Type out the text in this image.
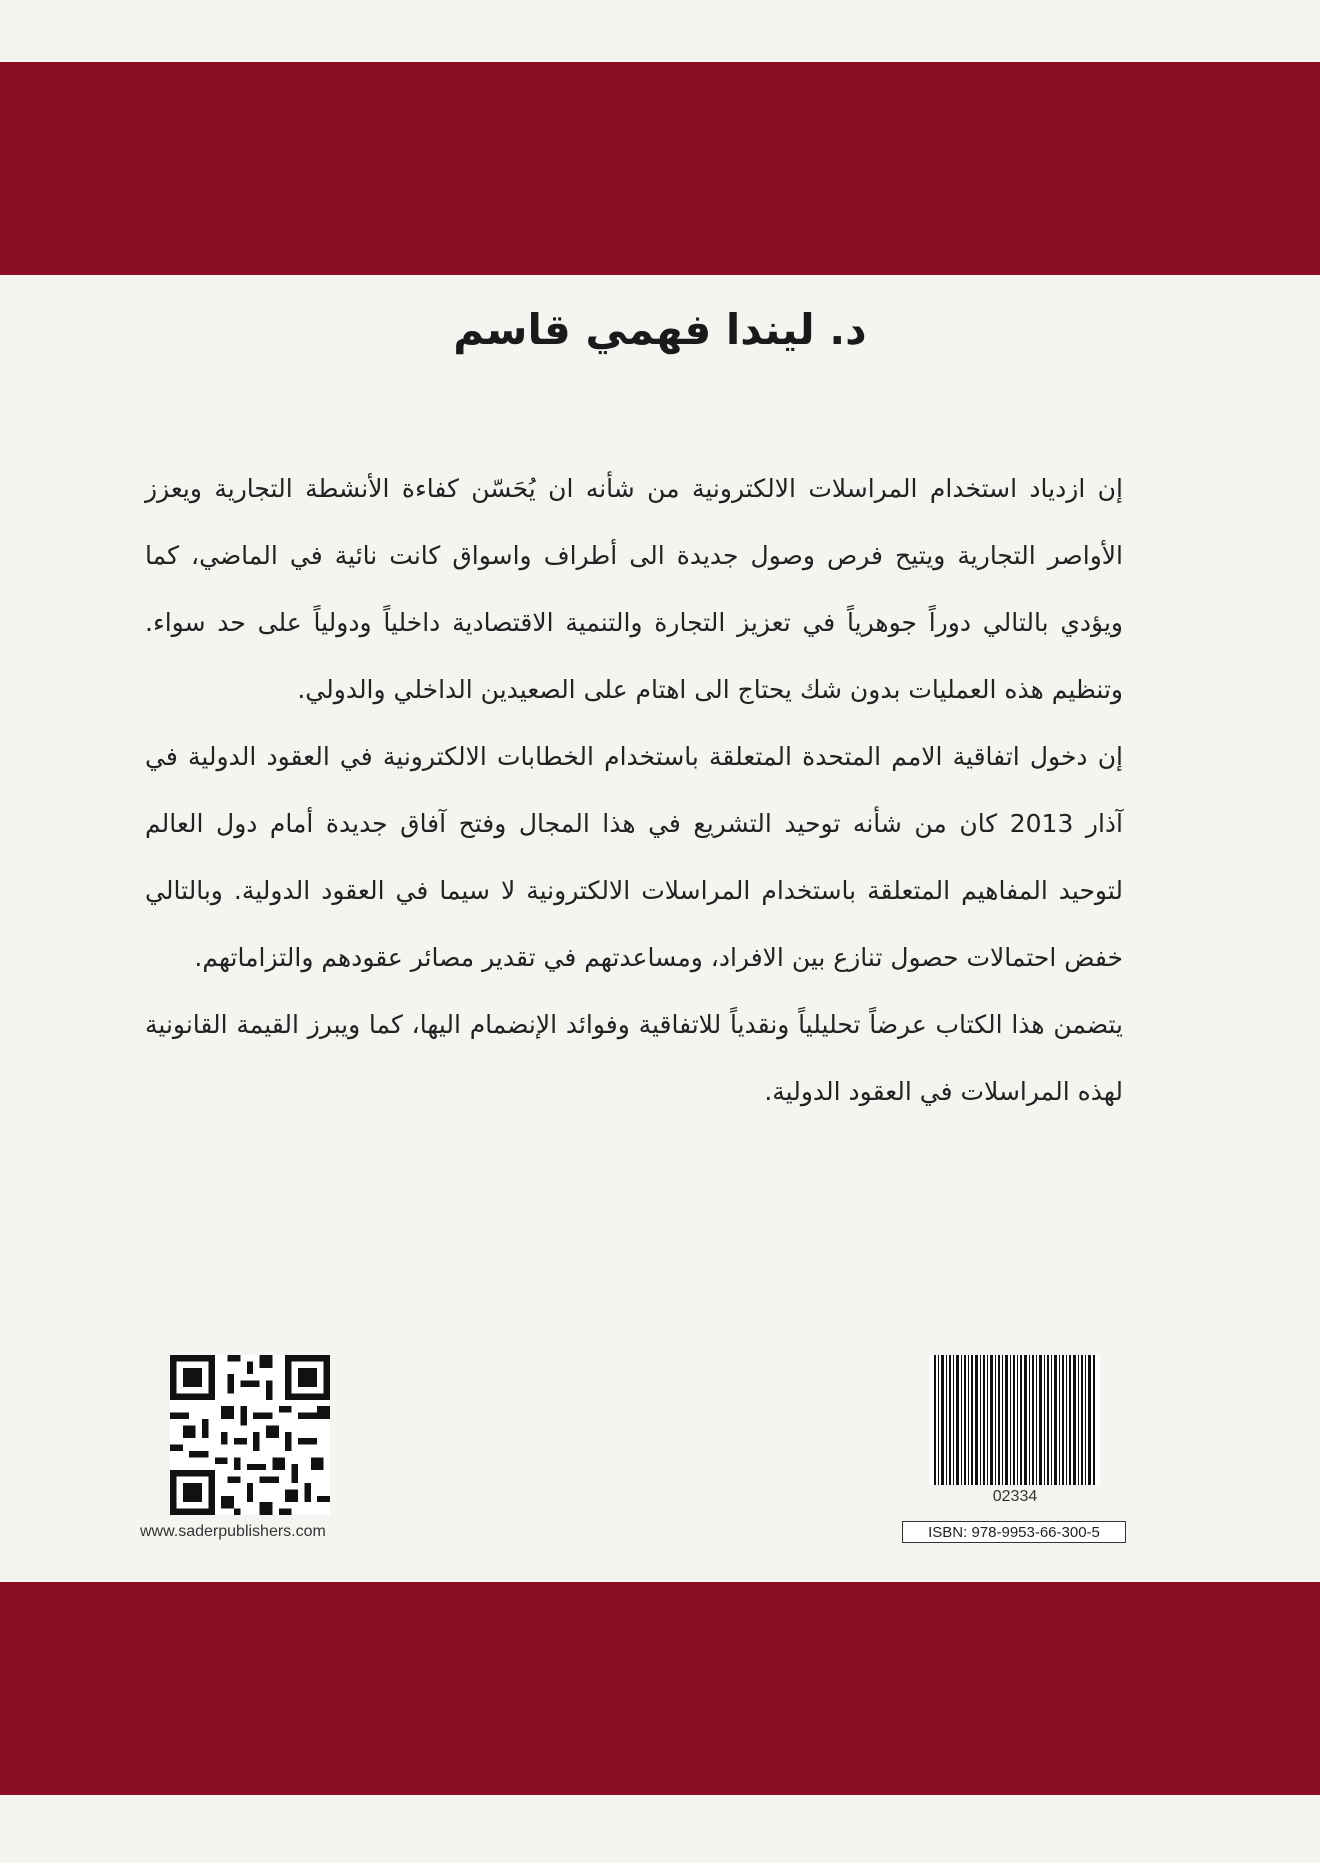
د. ليندا فهمي قاسم

إن ازدياد استخدام المراسلات الالكترونية من شأنه ان يُحَسّن كفاءة الأنشطة التجارية ويعزز الأواصر التجارية ويتيح فرص وصول جديدة الى أطراف واسواق كانت نائية في الماضي، كما ويؤدي بالتالي دوراً جوهرياً في تعزيز التجارة والتنمية الاقتصادية داخلياً ودولياً على حد سواء. وتنظيم هذه العمليات بدون شك يحتاج الى اهتام على الصعيدين الداخلي والدولي.

إن دخول اتفاقية الامم المتحدة المتعلقة باستخدام الخطابات الالكترونية في العقود الدولية في آذار 2013 كان من شأنه توحيد التشريع في هذا المجال وفتح آفاق جديدة أمام دول العالم لتوحيد المفاهيم المتعلقة باستخدام المراسلات الالكترونية لا سيما في العقود الدولية. وبالتالي خفض احتمالات حصول تنازع بين الافراد، ومساعدتهم في تقدير مصائر عقودهم والتزاماتهم.

يتضمن هذا الكتاب عرضاً تحليلياً ونقدياً للاتفاقية وفوائد الإنضمام اليها، كما ويبرز القيمة القانونية لهذه المراسلات في العقود الدولية.

www.saderpublishers.com
02334
ISBN: 978-9953-66-300-5
